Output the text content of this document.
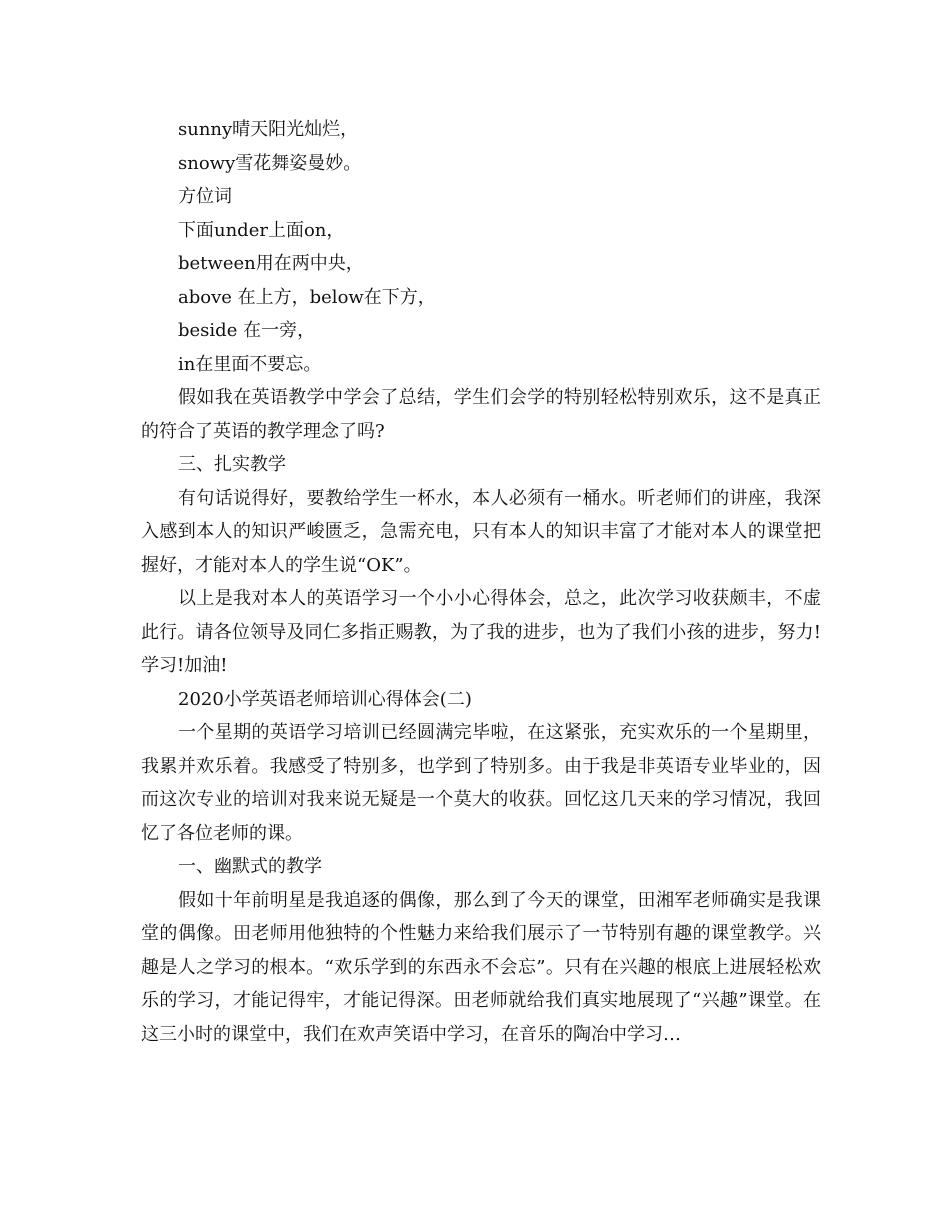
sunny晴天阳光灿烂，
snowy雪花舞姿曼妙。
方位词
下面under上面on，
between用在两中央，
above 在上方，below在下方，
beside 在一旁，
in在里面不要忘。

假如我在英语教学中学会了总结，学生们会学的特别轻松特别欢乐，这不是真正的符合了英语的教学理念了吗?

三、扎实教学

有句话说得好，要教给学生一杯水，本人必须有一桶水。听老师们的讲座，我深入感到本人的知识严峻匮乏，急需充电，只有本人的知识丰富了才能对本人的课堂把握好，才能对本人的学生说“OK”。

以上是我对本人的英语学习一个小小心得体会，总之，此次学习收获颇丰，不虚此行。请各位领导及同仁多指正赐教，为了我的进步，也为了我们小孩的进步，努力!学习!加油!

2020小学英语老师培训心得体会(二)

一个星期的英语学习培训已经圆满完毕啦，在这紧张，充实欢乐的一个星期里，我累并欢乐着。我感受了特别多，也学到了特别多。由于我是非英语专业毕业的，因而这次专业的培训对我来说无疑是一个莫大的收获。回忆这几天来的学习情况，我回忆了各位老师的课。

一、幽默式的教学

假如十年前明星是我追逐的偶像，那么到了今天的课堂，田湘军老师确实是我课堂的偶像。田老师用他独特的个性魅力来给我们展示了一节特别有趣的课堂教学。兴趣是人之学习的根本。“欢乐学到的东西永不会忘”。只有在兴趣的根底上进展轻松欢乐的学习，才能记得牢，才能记得深。田老师就给我们真实地展现了“兴趣”课堂。在这三小时的课堂中，我们在欢声笑语中学习，在音乐的陶冶中学习…
